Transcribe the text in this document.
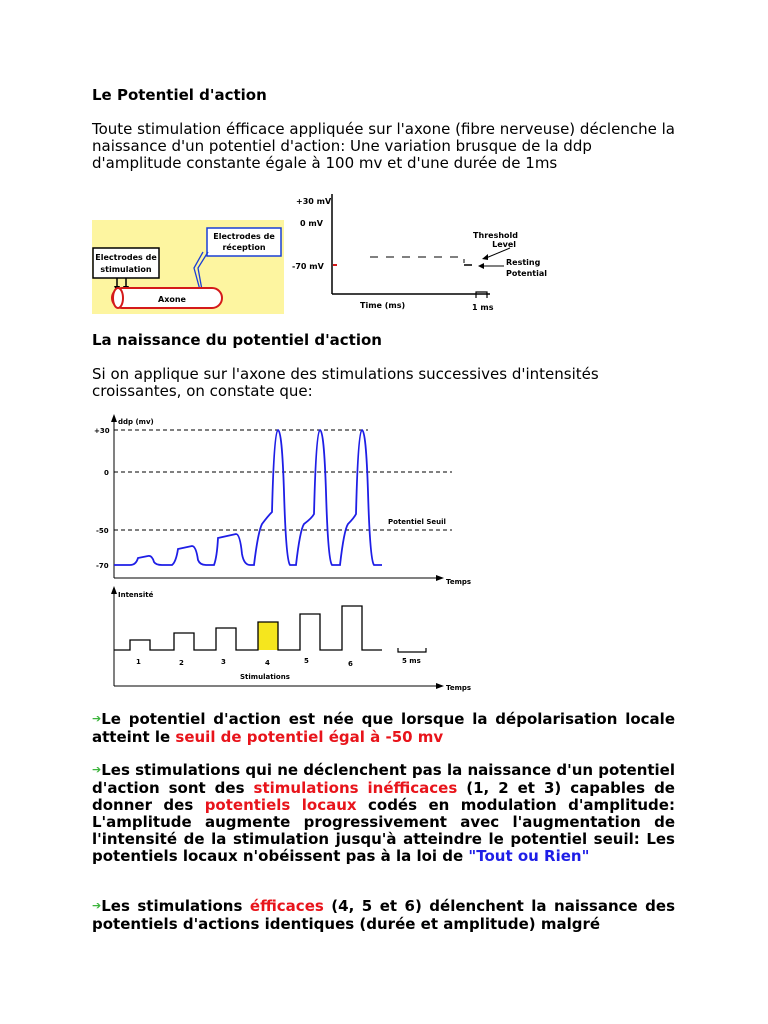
Le Potentiel d'action
Toute stimulation éfficace appliquée sur l'axone (fibre nerveuse) déclenche la naissance d'un potentiel d'action: Une variation brusque de la ddp d'amplitude constante égale à 100 mv et d'une durée de 1ms
Electrodes de
stimulation
Electrodes de
réception
Axone
+30 mV
0 mV
-70 mV
Threshold
Level
Resting
Potential
Time (ms)	1 ms
La naissance du potentiel d'action
Si on applique sur l'axone des stimulations successives d'intensités croissantes, on constate que:
ddp (mv)
+30
0
-50
-70
Potentiel Seuil
Temps
Intensité
Temps
1	2	3	4	5	6
Stimulations
5 ms
➔Le potentiel d'action est née que lorsque la dépolarisation locale atteint le seuil de potentiel égal à -50 mv
➔Les stimulations qui ne déclenchent pas la naissance d'un potentiel d'action sont des stimulations inéfficaces (1, 2 et 3) capables de donner des potentiels locaux codés en modulation d'amplitude: L'amplitude augmente progressivement avec l'augmentation de l'intensité de la stimulation jusqu'à atteindre le potentiel seuil: Les potentiels locaux n'obéissent pas à la loi de "Tout ou Rien"
➔Les stimulations éfficaces (4, 5 et 6) délenchent la naissance des potentiels d'actions identiques (durée et amplitude) malgré
